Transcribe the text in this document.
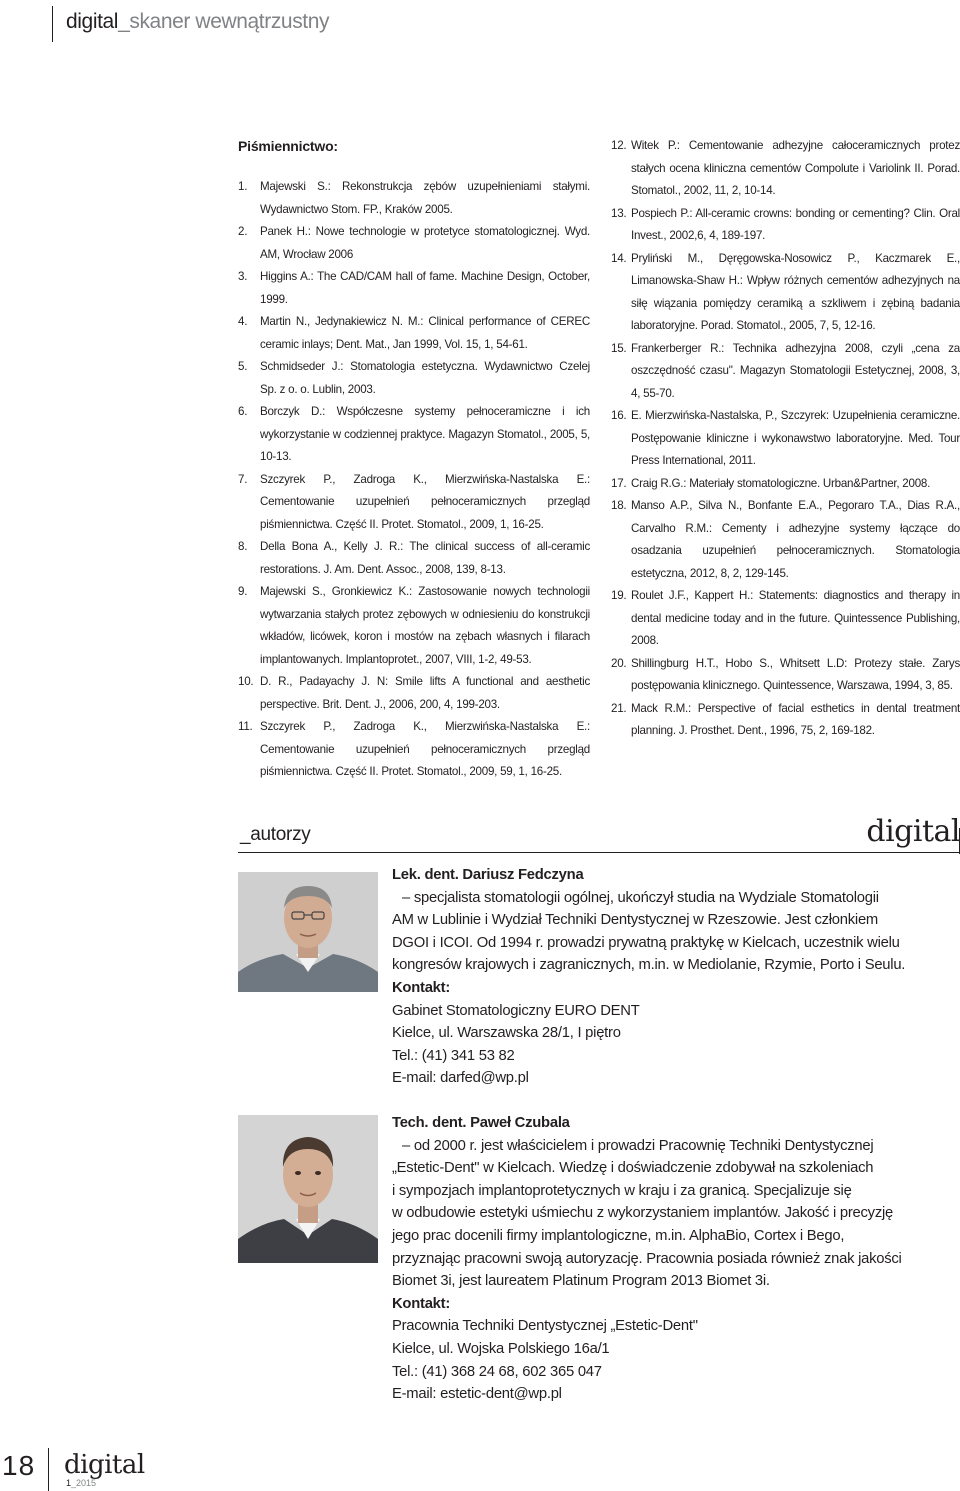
digital_skaner wewnątrzustny
Piśmiennictwo:

1. Majewski S.: Rekonstrukcja zębów uzupełnieniami stałymi. Wydawnictwo Stom. FP., Kraków 2005.

2. Panek H.: Nowe technologie w protetyce stomatologicznej. Wyd. AM, Wrocław 2006

3. Higgins A.: The CAD/CAM hall of fame. Machine Design, October, 1999.

4. Martin N., Jedynakiewicz N. M.: Clinical performance of CEREC ceramic inlays; Dent. Mat., Jan 1999, Vol. 15, 1, 54-61.

5. Schmidseder J.: Stomatologia estetyczna. Wydawnictwo Czelej Sp. z o. o. Lublin, 2003.

6. Borczyk D.: Współczesne systemy pełnoceramiczne i ich wykorzystanie w codziennej praktyce. Magazyn Stomatol., 2005, 5, 10-13.

7. Szczyrek P., Zadroga K., Mierzwińska-Nastalska E.: Cementowanie uzupełnień pełnoceramicznych przegląd piśmiennictwa. Część II. Protet. Stomatol., 2009, 1, 16-25.

8. Della Bona A., Kelly J. R.: The clinical success of all-ceramic restorations. J. Am. Dent. Assoc., 2008, 139, 8-13.

9. Majewski S., Gronkiewicz K.: Zastosowanie nowych technologii wytwarzania stałych protez zębowych w odniesieniu do konstrukcji wkładów, licówek, koron i mostów na zębach własnych i filarach implantowanych. Implantoprotet., 2007, VIII, 1-2, 49-53.

10. D. R., Padayachy J. N: Smile lifts A functional and aesthetic perspective. Brit. Dent. J., 2006, 200, 4, 199-203.

11. Szczyrek P., Zadroga K., Mierzwińska-Nastalska E.: Cementowanie uzupełnień pełnoceramicznych przegląd piśmiennictwa. Część II. Protet. Stomatol., 2009, 59, 1, 16-25.

12. Witek P.: Cementowanie adhezyjne całoceramicznych protez stałych ocena kliniczna cementów Compolute i Variolink II. Porad. Stomatol., 2002, 11, 2, 10-14.

13. Pospiech P.: All-ceramic crowns: bonding or cementing? Clin. Oral Invest., 2002,6, 4, 189-197.

14. Pryliński M., Dęręgowska-Nosowicz P., Kaczmarek E., Limanowska-Shaw H.: Wpływ różnych cementów adhezyjnych na siłę wiązania pomiędzy ceramiką a szkliwem i zębiną badania laboratoryjne. Porad. Stomatol., 2005, 7, 5, 12-16.

15. Frankerberger R.: Technika adhezyjna 2008, czyli „cena za oszczędność czasu". Magazyn Stomatologii Estetycznej, 2008, 3, 4, 55-70.

16. E. Mierzwińska-Nastalska, P., Szczyrek: Uzupełnienia ceramiczne. Postępowanie kliniczne i wykonawstwo laboratoryjne. Med. Tour Press International, 2011.

17. Craig R.G.: Materiały stomatologiczne. Urban&Partner, 2008.

18. Manso A.P., Silva N., Bonfante E.A., Pegoraro T.A., Dias R.A., Carvalho R.M.: Cementy i adhezyjne systemy łączące do osadzania uzupełnień pełnoceramicznych. Stomatologia estetyczna, 2012, 8, 2, 129-145.

19. Roulet J.F., Kappert H.: Statements: diagnostics and therapy in dental medicine today and in the future. Quintessence Publishing, 2008.

20. Shillingburg H.T., Hobo S., Whitsett L.D: Protezy stałe. Zarys postępowania klinicznego. Quintessence, Warszawa, 1994, 3, 85.

21. Mack R.M.: Perspective of facial esthetics in dental treatment planning. J. Prosthet. Dent., 1996, 75, 2, 169-182.

_autorzy	digital

Lek. dent. Dariusz Fedczyna

– specjalista stomatologii ogólnej, ukończył studia na Wydziale Stomatologii

AM w Lublinie i Wydział Techniki Dentystycznej w Rzeszowie. Jest członkiem

DGOI i ICOI. Od 1994 r. prowadzi prywatną praktykę w Kielcach, uczestnik wielu

kongresów krajowych i zagranicznych, m.in. w Mediolanie, Rzymie, Porto i Seulu.

Kontakt:

Gabinet Stomatologiczny EURO DENT

Kielce, ul. Warszawska 28/1, I piętro

Tel.: (41) 341 53 82

E-mail: darfed@wp.pl

Tech. dent. Paweł Czubala

– od 2000 r. jest właścicielem i prowadzi Pracownię Techniki Dentystycznej

„Estetic-Dent" w Kielcach. Wiedzę i doświadczenie zdobywał na szkoleniach

i sympozjach implantoprotetycznych w kraju i za granicą. Specjalizuje się

w odbudowie estetyki uśmiechu z wykorzystaniem implantów. Jakość i precyzję

jego prac docenili firmy implantologiczne, m.in. AlphaBio, Cortex i Bego,

przyznając pracowni swoją autoryzację. Pracownia posiada również znak jakości

Biomet 3i, jest laureatem Platinum Program 2013 Biomet 3i.

Kontakt:

Pracownia Techniki Dentystycznej „Estetic-Dent"

Kielce, ul. Wojska Polskiego 16a/1

Tel.: (41) 368 24 68, 602 365 047

E-mail: estetic-dent@wp.pl

18 digital
1_2015
